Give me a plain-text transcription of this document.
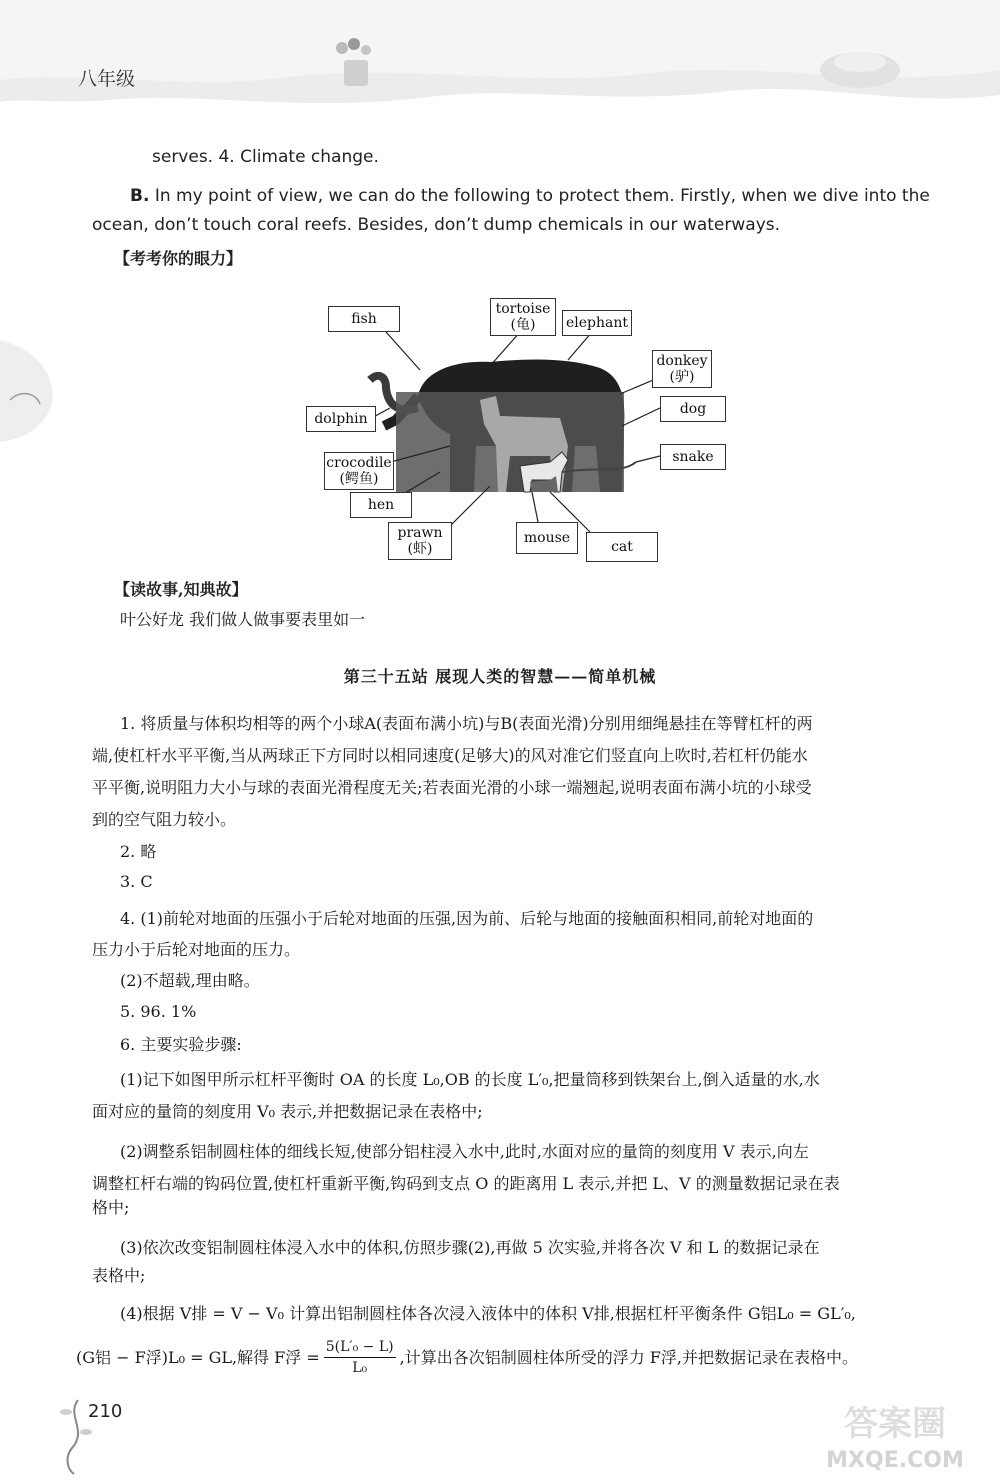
八年级
serves. 4. Climate change.
B. In my point of view, we can do the following to protect them. Firstly, when we dive into the
ocean, don’t touch coral reefs. Besides, don’t dump chemicals in our waterways.
【考考你的眼力】
fish
tortoise
(龟) elephant
donkey
(驴)
dolphin
dog
crocodile
(鳄鱼)
snake
hen
prawn
(虾)
mouse
cat
【读故事,知典故】
叶公好龙 我们做人做事要表里如一
第三十五站 展现人类的智慧——简单机械
1. 将质量与体积均相等的两个小球A(表面布满小坑)与B(表面光滑)分别用细绳悬挂在等臂杠杆的两
端,使杠杆水平平衡,当从两球正下方同时以相同速度(足够大)的风对准它们竖直向上吹时,若杠杆仍能水
平平衡,说明阻力大小与球的表面光滑程度无关;若表面光滑的小球一端翘起,说明表面布满小坑的小球受
到的空气阻力较小。
2. 略
3. C
4. (1)前轮对地面的压强小于后轮对地面的压强,因为前、后轮与地面的接触面积相同,前轮对地面的
压力小于后轮对地面的压力。
(2)不超载,理由略。
5. 96. 1%
6. 主要实验步骤:
(1)记下如图甲所示杠杆平衡时 OA 的长度 L₀,OB 的长度 L′₀,把量筒移到铁架台上,倒入适量的水,水
面对应的量筒的刻度用 V₀ 表示,并把数据记录在表格中;
(2)调整系铝制圆柱体的细线长短,使部分铝柱浸入水中,此时,水面对应的量筒的刻度用 V 表示,向左
调整杠杆右端的钩码位置,使杠杆重新平衡,钩码到支点 O 的距离用 L 表示,并把 L、V 的测量数据记录在表
格中;
(3)依次改变铝制圆柱体浸入水中的体积,仿照步骤(2),再做 5 次实验,并将各次 V 和 L 的数据记录在
表格中;
(4)根据 V排 = V − V₀ 计算出铝制圆柱体各次浸入液体中的体积 V排,根据杠杆平衡条件 G铝L₀ = GL′₀,
(G铝 − F浮)L₀ = GL,解得 F浮 = $\frac{\text{5(L′₀ − L)}}{\text{L₀}}$ ,计算出各次铝制圆柱体所受的浮力 F浮,并把数据记录在表格中。
210	答案圈
MXQE.COM
